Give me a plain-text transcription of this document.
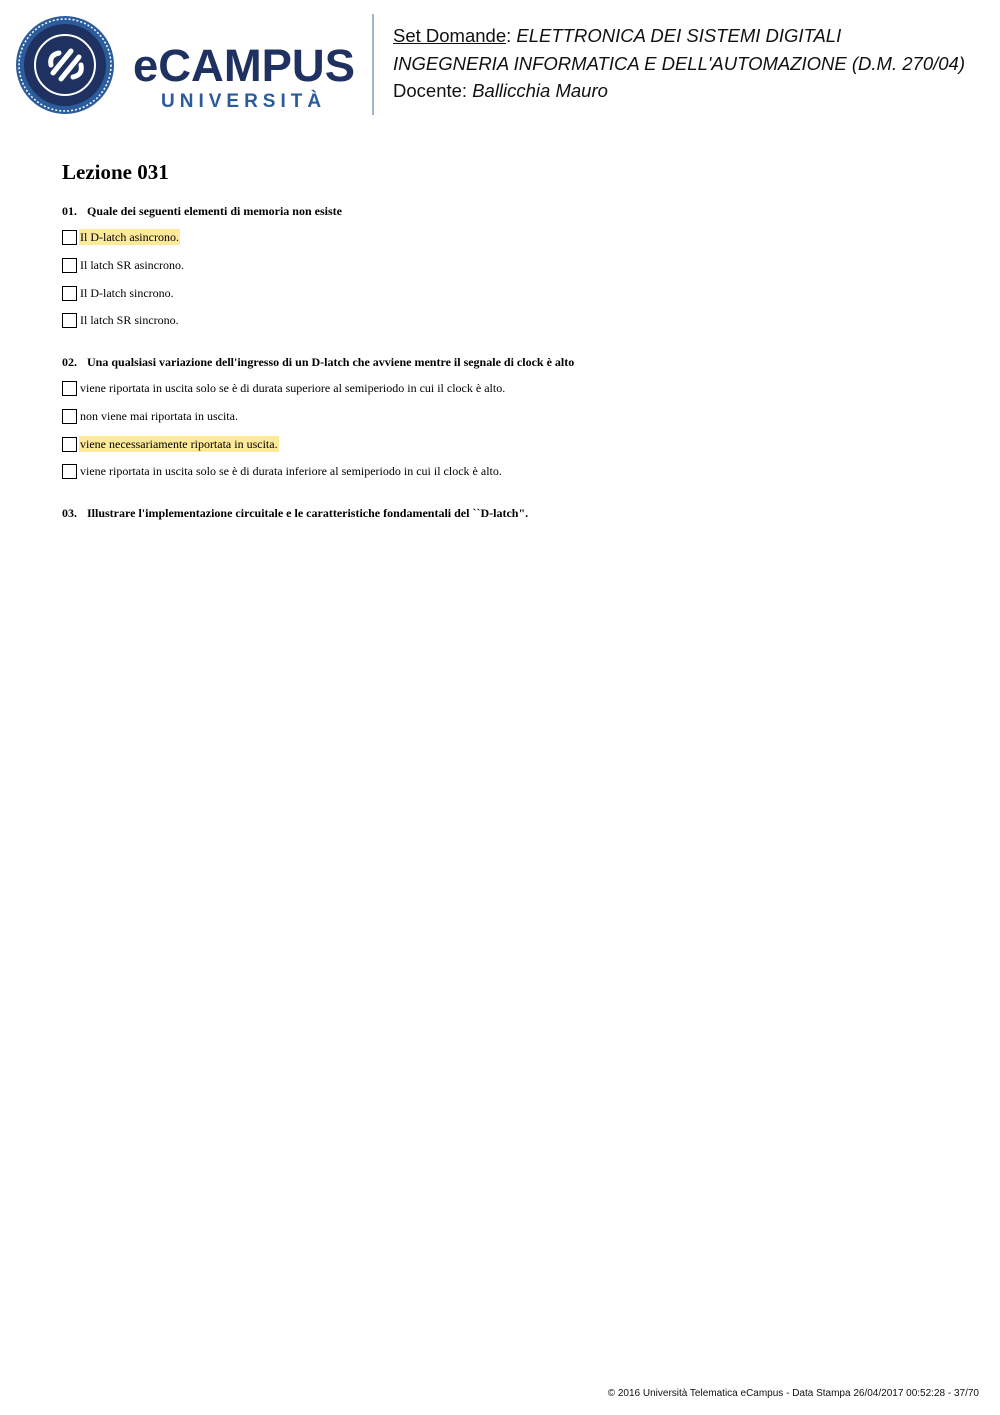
eCAMPUS
UNIVERSITÀ
Set Domande: ELETTRONICA DEI SISTEMI DIGITALI
INGEGNERIA INFORMATICA E DELL'AUTOMAZIONE (D.M. 270/04)
Docente: Ballicchia Mauro
Lezione 031
01. Quale dei seguenti elementi di memoria non esiste
Il D-latch asincrono.
Il latch SR asincrono.
Il D-latch sincrono.
Il latch SR sincrono.
02. Una qualsiasi variazione dell'ingresso di un D-latch che avviene mentre il segnale di clock è alto
viene riportata in uscita solo se è di durata superiore al semiperiodo in cui il clock è alto.
non viene mai riportata in uscita.
viene necessariamente riportata in uscita.
viene riportata in uscita solo se è di durata inferiore al semiperiodo in cui il clock è alto.
03. Illustrare l'implementazione circuitale e le caratteristiche fondamentali del ``D-latch".
© 2016 Università Telematica eCampus - Data Stampa 26/04/2017 00:52:28 - 37/70
